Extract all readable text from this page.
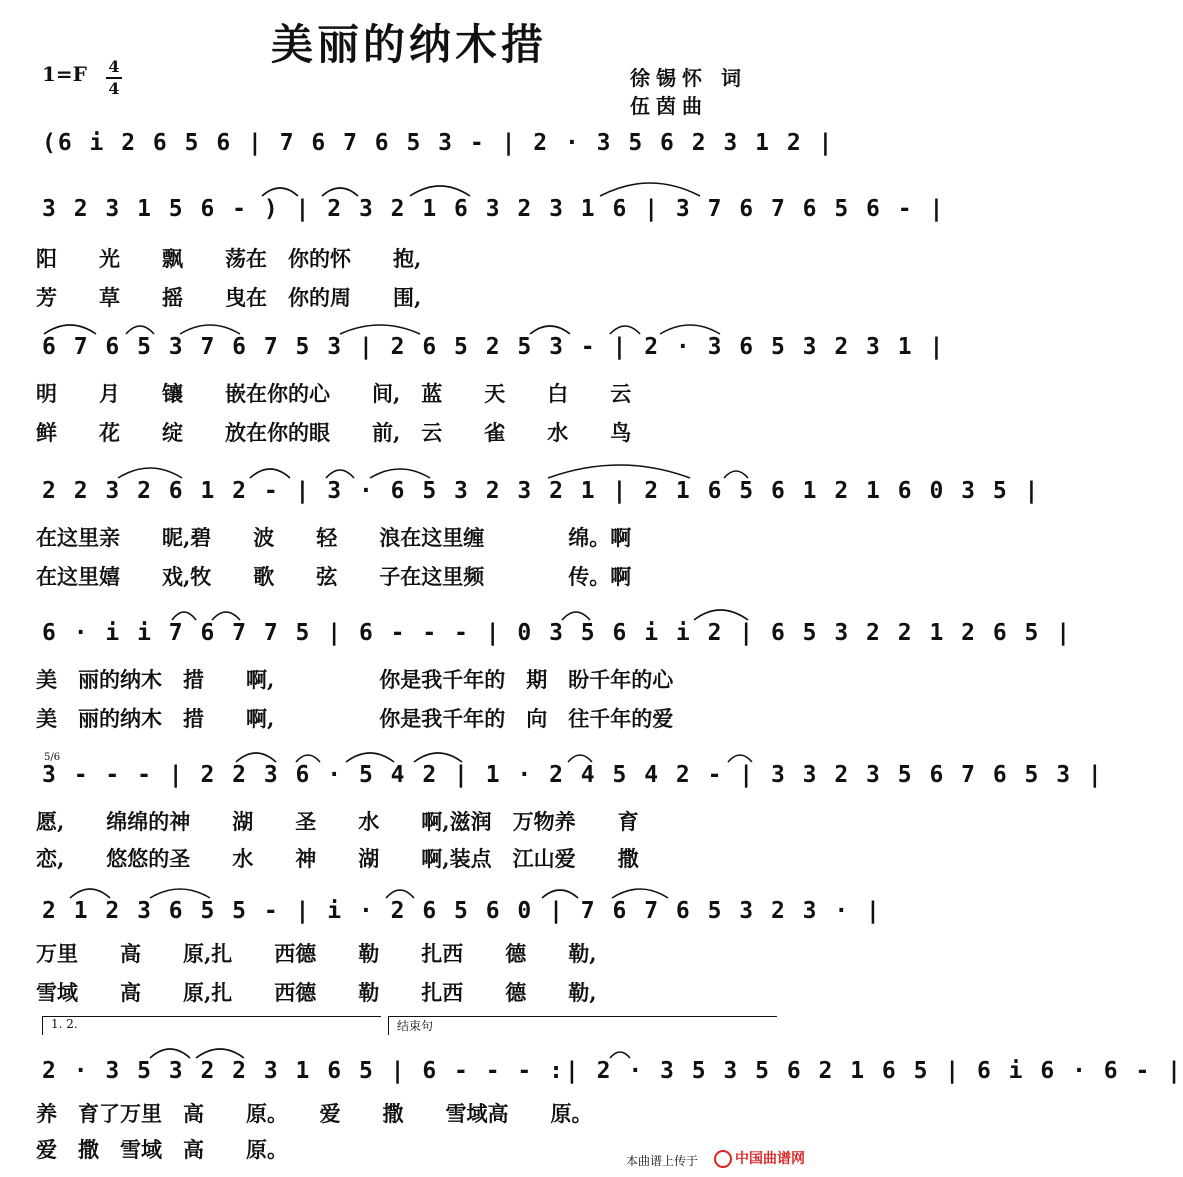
美丽的纳木措
1=F 4
4	徐锡怀 词
伍茵曲
(6 i 2 6 5 6 | 7 6 7 6 5 3 - | 2 · 3 5 6 2 3 1 2 |
3 2 3 1 5 6 - ) | 2 3 2 1 6 3 2 3 1 6 | 3 7 6 7 6 5 6 - |
6 7 6 5 3 7 6 7 5 3 | 2 6 5 2 5 3 - | 2 · 3 6 5 3 2 3 1 |
2 2 3 2 6 1 2 - | 3 · 6 5 3 2 3 2 1 | 2 1 6 5 6 1 2 1 6 0 3 5 |
6 · i i 7 6 7 7 5 | 6 - - - | 0 3 5 6 i i 2 | 6 5 3 2 2 1 2 6 5 |
3 - - - | 2 2 3 6 · 5 4 2 | 1 · 2 4 5 4 2 - | 3 3 2 3 5 6 7 6 5 3 |
2 1 2 3 6 5 5 - | i · 2 6 5 6 0 | 7 6 7 6 5 3 2 3 · |
2 · 3 5 3 2 2 3 1 6 5 | 6 - - - :| 2 · 3 5 3 5 6 2 1 6 5 | 6 i 6 · 6 - |
5/6
阳　　光　　飘　　荡在　你的怀　　抱,
芳　　草　　摇　　曳在　你的周　　围,
明　　月　　镶　　嵌在你的心　　间,　蓝　　天　　白　　云
鲜　　花　　绽　　放在你的眼　　前,　云　　雀　　水　　鸟
在这里亲　　昵,碧　　波　　轻　　浪在这里缠　　　　绵。啊
在这里嬉　　戏,牧　　歌　　弦　　子在这里频　　　　传。啊
美　丽的纳木　措　　啊,　　　　　你是我千年的　期　盼千年的心
美　丽的纳木　措　　啊,　　　　　你是我千年的　向　往千年的爱
愿,　　绵绵的神　　湖　　圣　　水　　啊,滋润　万物养　　育
恋,　　悠悠的圣　　水　　神　　湖　　啊,装点　江山爱　　撒
万里　　高　　原,扎　　西德　　勒　　扎西　　德　　勒,
雪域　　高　　原,扎　　西德　　勒　　扎西　　德　　勒,
养　育了万里　高　　原。　　爱　　撒　　雪域高　　原。
爱　撒　雪域　高　　原。
1. 2.	结束句
本曲谱上传于	中国曲谱网
